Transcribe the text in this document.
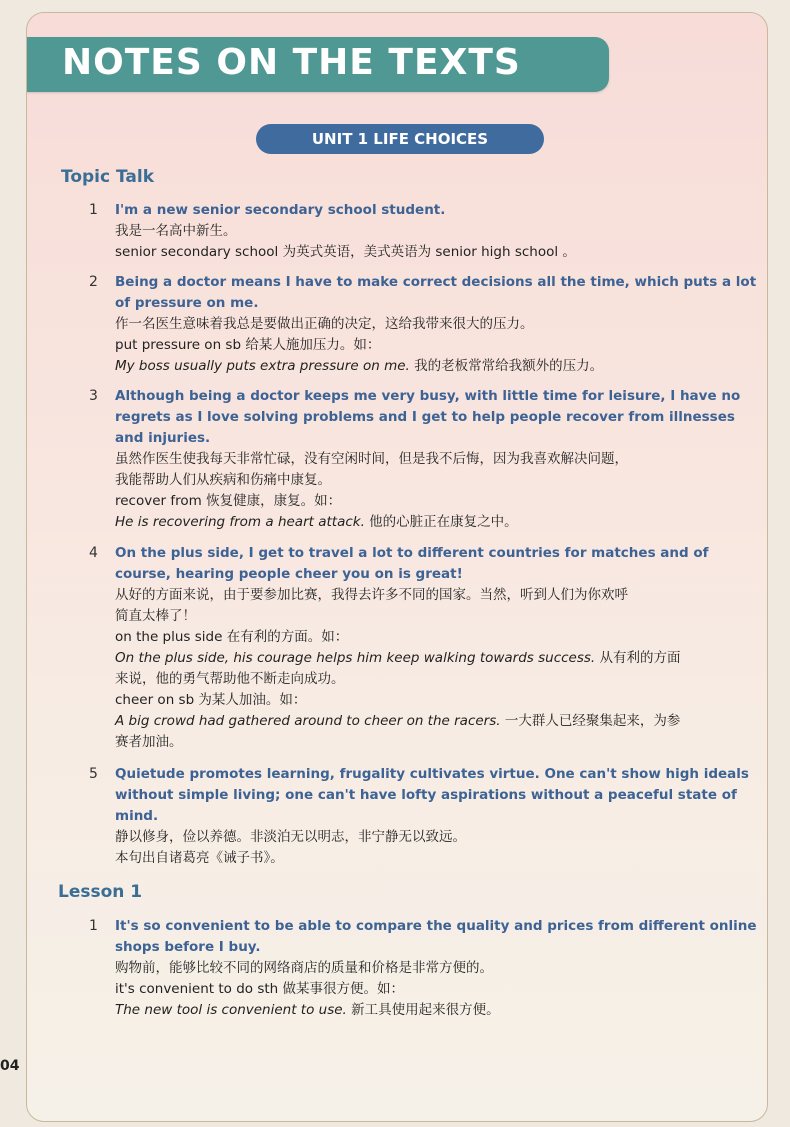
NOTES ON THE TEXTS
UNIT 1 LIFE CHOICES
Topic Talk
1 I'm a new senior secondary school student.

我是一名高中新生。

senior secondary school 为英式英语，美式英语为 senior high school 。

2 Being a doctor means I have to make correct decisions all the time, which puts a lot

of pressure on me.

作一名医生意味着我总是要做出正确的决定，这给我带来很大的压力。

put pressure on sb 给某人施加压力。如：

My boss usually puts extra pressure on me. 我的老板常常给我额外的压力。

3 Although being a doctor keeps me very busy, with little time for leisure, I have no

regrets as I love solving problems and I get to help people recover from illnesses

and injuries.

虽然作医生使我每天非常忙碌，没有空闲时间，但是我不后悔，因为我喜欢解决问题，

我能帮助人们从疾病和伤痛中康复。

recover from 恢复健康，康复。如：

He is recovering from a heart attack. 他的心脏正在康复之中。

4 On the plus side, I get to travel a lot to different countries for matches and of

course, hearing people cheer you on is great!

从好的方面来说，由于要参加比赛，我得去许多不同的国家。当然，听到人们为你欢呼

简直太棒了！

on the plus side 在有利的方面。如：

On the plus side, his courage helps him keep walking towards success. 从有利的方面

来说，他的勇气帮助他不断走向成功。

cheer on sb 为某人加油。如：

A big crowd had gathered around to cheer on the racers. 一大群人已经聚集起来，为参

赛者加油。

5 Quietude promotes learning, frugality cultivates virtue. One can't show high ideals

without simple living; one can't have lofty aspirations without a peaceful state of

mind.

静以修身，俭以养德。非淡泊无以明志，非宁静无以致远。

本句出自诸葛亮《诫子书》。

Lesson 1
1 It's so convenient to be able to compare the quality and prices from different online

shops before I buy.

购物前，能够比较不同的网络商店的质量和价格是非常方便的。

it's convenient to do sth 做某事很方便。如：

The new tool is convenient to use. 新工具使用起来很方便。

04
